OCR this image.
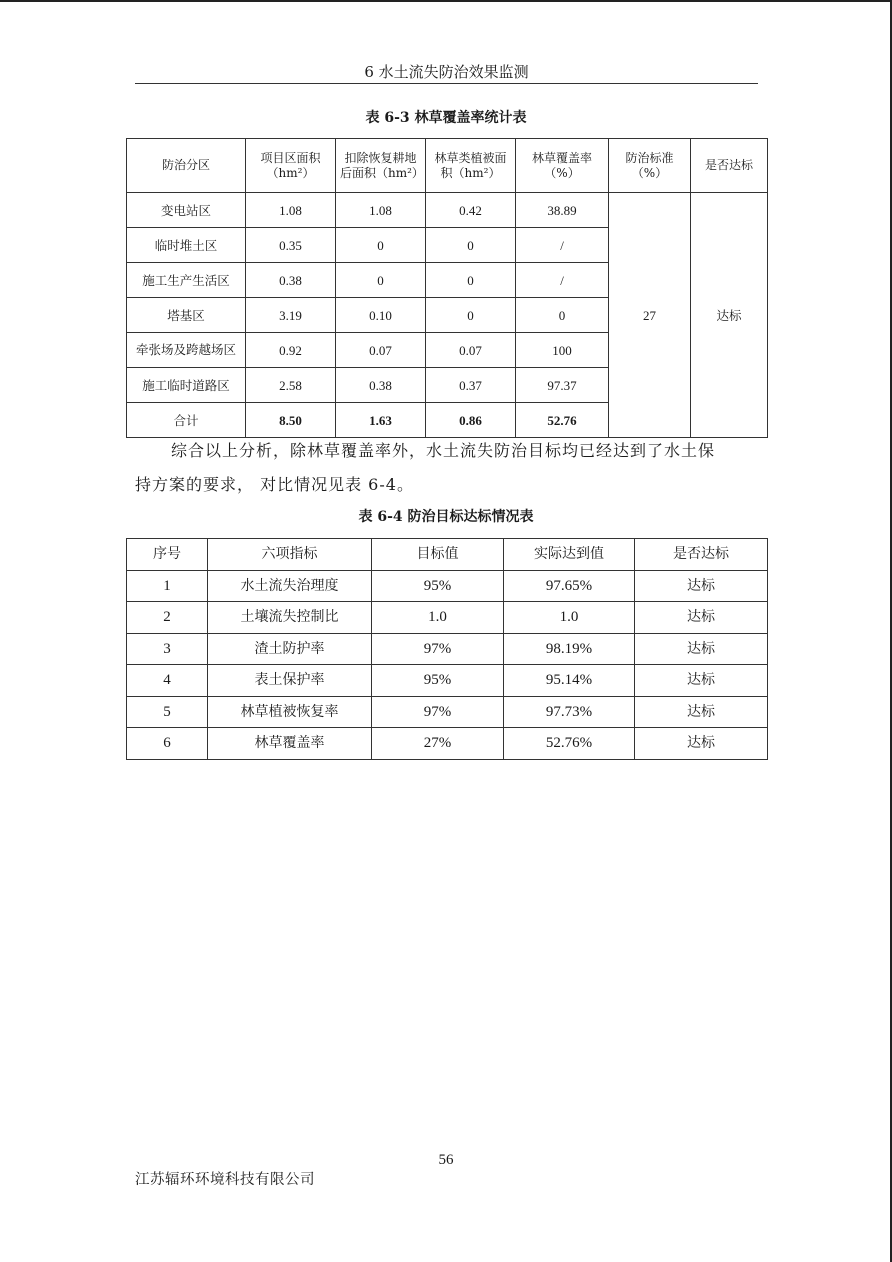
6 水土流失防治效果监测
表 6-3 林草覆盖率统计表
防治分区	项目区面积（hm²）	扣除恢复耕地后面积（hm²）	林草类植被面积（hm²）	林草覆盖率（%）	防治标准（%）	是否达标
变电站区	1.08	1.08	0.42	38.89	27	达标
临时堆土区	0.35	0	0	/		
施工生产生活区	0.38	0	0	/		
塔基区	3.19	0.10	0	0		
牵张场及跨越场区	0.92	0.07	0.07	100		
施工临时道路区	2.58	0.38	0.37	97.37		
合计	8.50	1.63	0.86	52.76		
综合以上分析，除林草覆盖率外，水土流失防治目标均已经达到了水土保
持方案的要求， 对比情况见表 6-4。
表 6-4 防治目标达标情况表
序号	六项指标	目标值	实际达到值	是否达标
1	水土流失治理度	95%	97.65%	达标
2	土壤流失控制比	1.0	1.0	达标
3	渣土防护率	97%	98.19%	达标
4	表土保护率	95%	95.14%	达标
5	林草植被恢复率	97%	97.73%	达标
6	林草覆盖率	27%	52.76%	达标
56
江苏辐环环境科技有限公司
